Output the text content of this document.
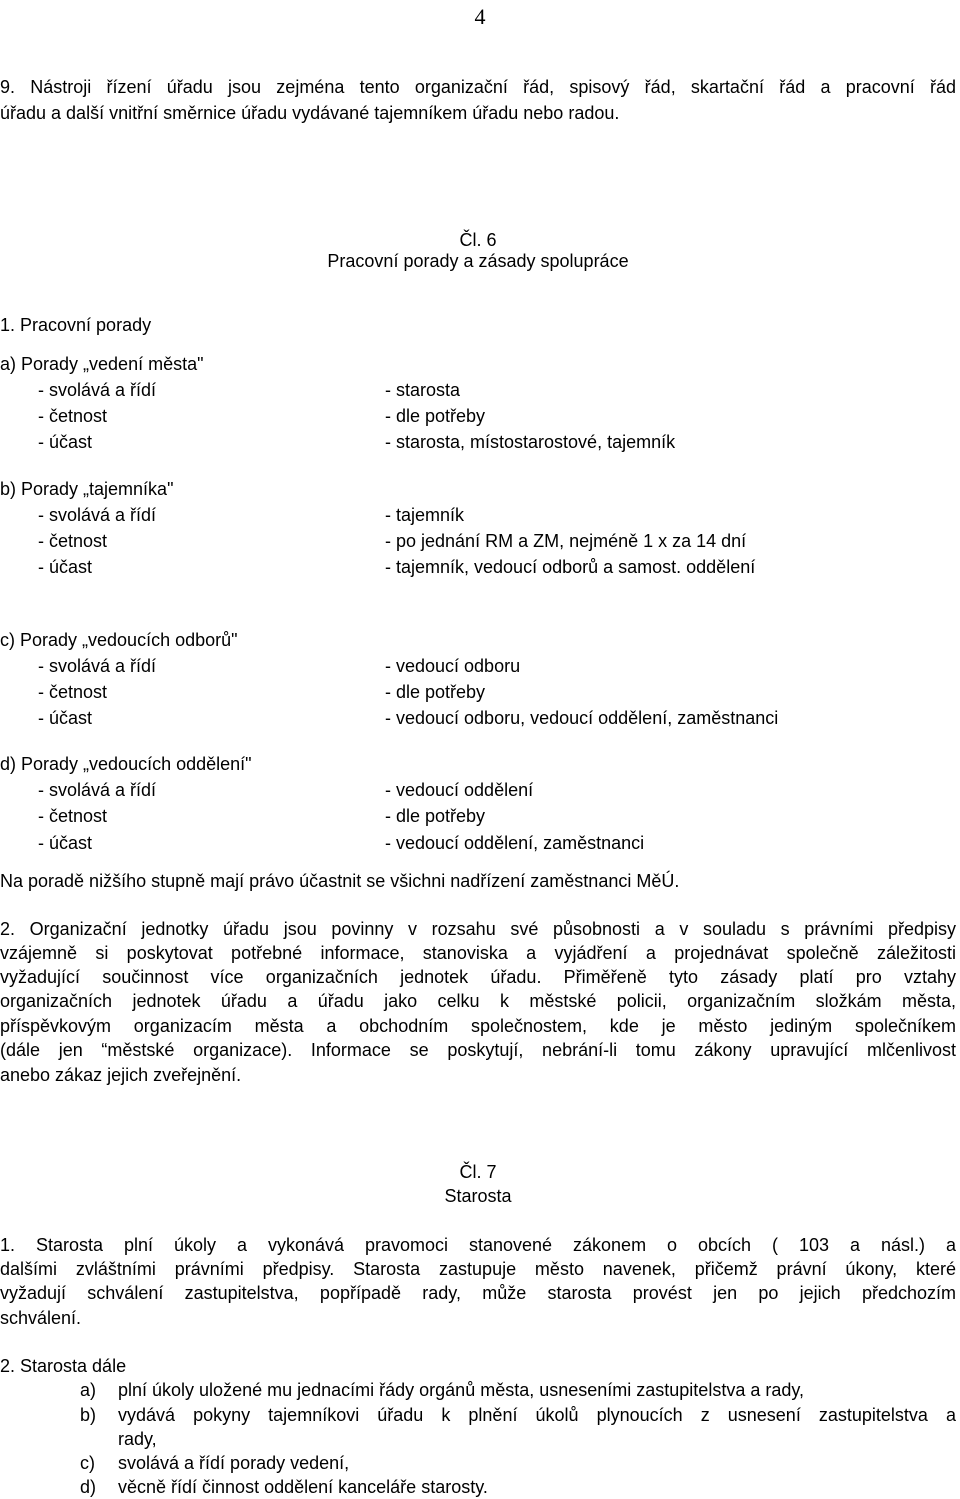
4
9. Nástroji řízení úřadu jsou zejména tento organizační řád, spisový řád, skartační řád a pracovní řád
úřadu a další vnitřní směrnice úřadu vydávané tajemníkem úřadu nebo radou.
Čl. 6
Pracovní porady a zásady spolupráce
1. Pracovní porady
a) Porady „vedení města"
- svolává a řídí	- starosta
- četnost	- dle potřeby
- účast	- starosta, místostarostové, tajemník
b) Porady „tajemníka"
- svolává a řídí	- tajemník
- četnost	- po jednání RM a ZM, nejméně 1 x za 14 dní
- účast	- tajemník, vedoucí odborů a samost. oddělení
c) Porady „vedoucích odborů"
- svolává a řídí	- vedoucí odboru
- četnost	- dle potřeby
- účast	- vedoucí odboru, vedoucí oddělení, zaměstnanci
d) Porady „vedoucích oddělení"
- svolává a řídí	- vedoucí oddělení
- četnost	- dle potřeby
- účast	- vedoucí oddělení, zaměstnanci
Na poradě nižšího stupně mají právo účastnit se všichni nadřízení zaměstnanci MěÚ.
2. Organizační jednotky úřadu jsou povinny v rozsahu své působnosti a v souladu s právními předpisy
vzájemně si poskytovat potřebné informace, stanoviska a vyjádření a projednávat společně záležitosti
vyžadující součinnost více organizačních jednotek úřadu. Přiměřeně tyto zásady platí pro vztahy
organizačních jednotek úřadu a úřadu jako celku k městské policii, organizačním složkám města,
příspěvkovým organizacím města a obchodním společnostem, kde je město jediným společníkem
(dále jen “městské organizace). Informace se poskytují, nebrání-li tomu zákony upravující mlčenlivost
anebo zákaz jejich zveřejnění.
Čl. 7
Starosta
1. Starosta plní úkoly a vykonává pravomoci stanovené zákonem o obcích ( 103 a násl.) a
dalšími zvláštními právními předpisy. Starosta zastupuje město navenek, přičemž právní úkony, které
vyžadují schválení zastupitelstva, popřípadě rady, může starosta provést jen po jejich předchozím
schválení.
2. Starosta dále
a) plní úkoly uložené mu jednacími řády orgánů města, usneseními zastupitelstva a rady,
b) vydává pokyny tajemníkovi úřadu k plnění úkolů plynoucích z usnesení zastupitelstva a
rady,
c) svolává a řídí porady vedení,
d) věcně řídí činnost oddělení kanceláře starosty.
